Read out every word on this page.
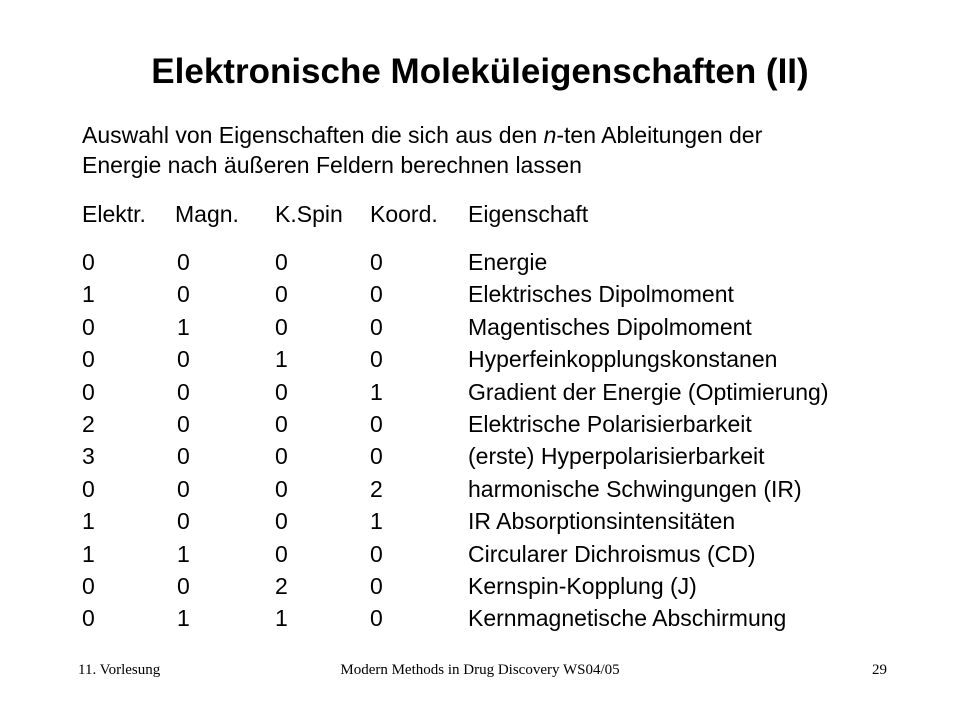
Elektronische Moleküleigenschaften (II)
Auswahl von Eigenschaften die sich aus den n-ten Ableitungen der
Energie nach äußeren Feldern berechnen lassen
Elektr. Magn. K.Spin Koord. Eigenschaft
0	0	0	0	Energie
1	0	0	0	Elektrisches Dipolmoment
0	1	0	0	Magentisches Dipolmoment
0	0	1	0	Hyperfeinkopplungskonstanen
0	0	0	1	Gradient der Energie (Optimierung)
2	0	0	0	Elektrische Polarisierbarkeit
3	0	0	0	(erste) Hyperpolarisierbarkeit
0	0	0	2	harmonische Schwingungen (IR)
1	0	0	1	IR Absorptionsintensitäten
1	1	0	0	Circularer Dichroismus (CD)
0	0	2	0	Kernspin-Kopplung (J)
0	1	1	0	Kernmagnetische Abschirmung
11. Vorlesung	Modern Methods in Drug Discovery WS04/05	29
